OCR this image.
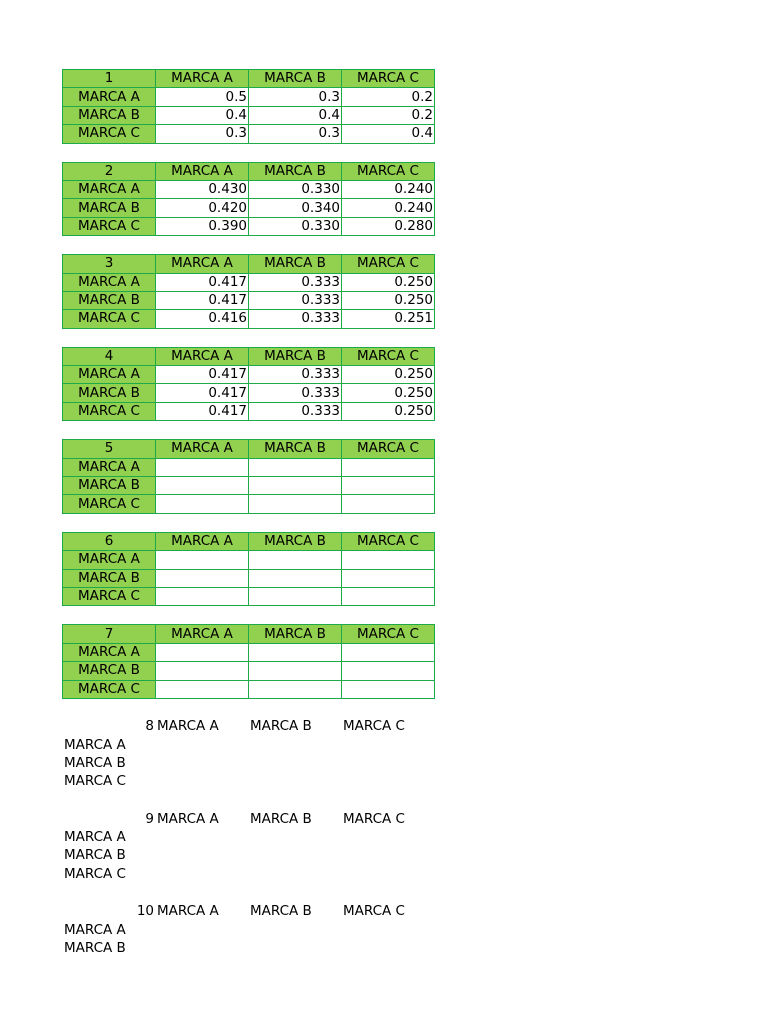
1	MARCA A	MARCA B	MARCA C
MARCA A	0.5	0.3	0.2
MARCA B	0.4	0.4	0.2
MARCA C	0.3	0.3	0.4
2	MARCA A	MARCA B	MARCA C
MARCA A	0.430	0.330	0.240
MARCA B	0.420	0.340	0.240
MARCA C	0.390	0.330	0.280
3	MARCA A	MARCA B	MARCA C
MARCA A	0.417	0.333	0.250
MARCA B	0.417	0.333	0.250
MARCA C	0.416	0.333	0.251
4	MARCA A	MARCA B	MARCA C
MARCA A	0.417	0.333	0.250
MARCA B	0.417	0.333	0.250
MARCA C	0.417	0.333	0.250
5	MARCA A	MARCA B	MARCA C
MARCA A			
MARCA B			
MARCA C			
6	MARCA A	MARCA B	MARCA C
MARCA A			
MARCA B			
MARCA C			
7	MARCA A	MARCA B	MARCA C
MARCA A			
MARCA B			
MARCA C			
8	MARCA A	MARCA B	MARCA C
MARCA A			
MARCA B			
MARCA C			
9	MARCA A	MARCA B	MARCA C
MARCA A			
MARCA B			
MARCA C			
10	MARCA A	MARCA B	MARCA C
MARCA A			
MARCA B			
